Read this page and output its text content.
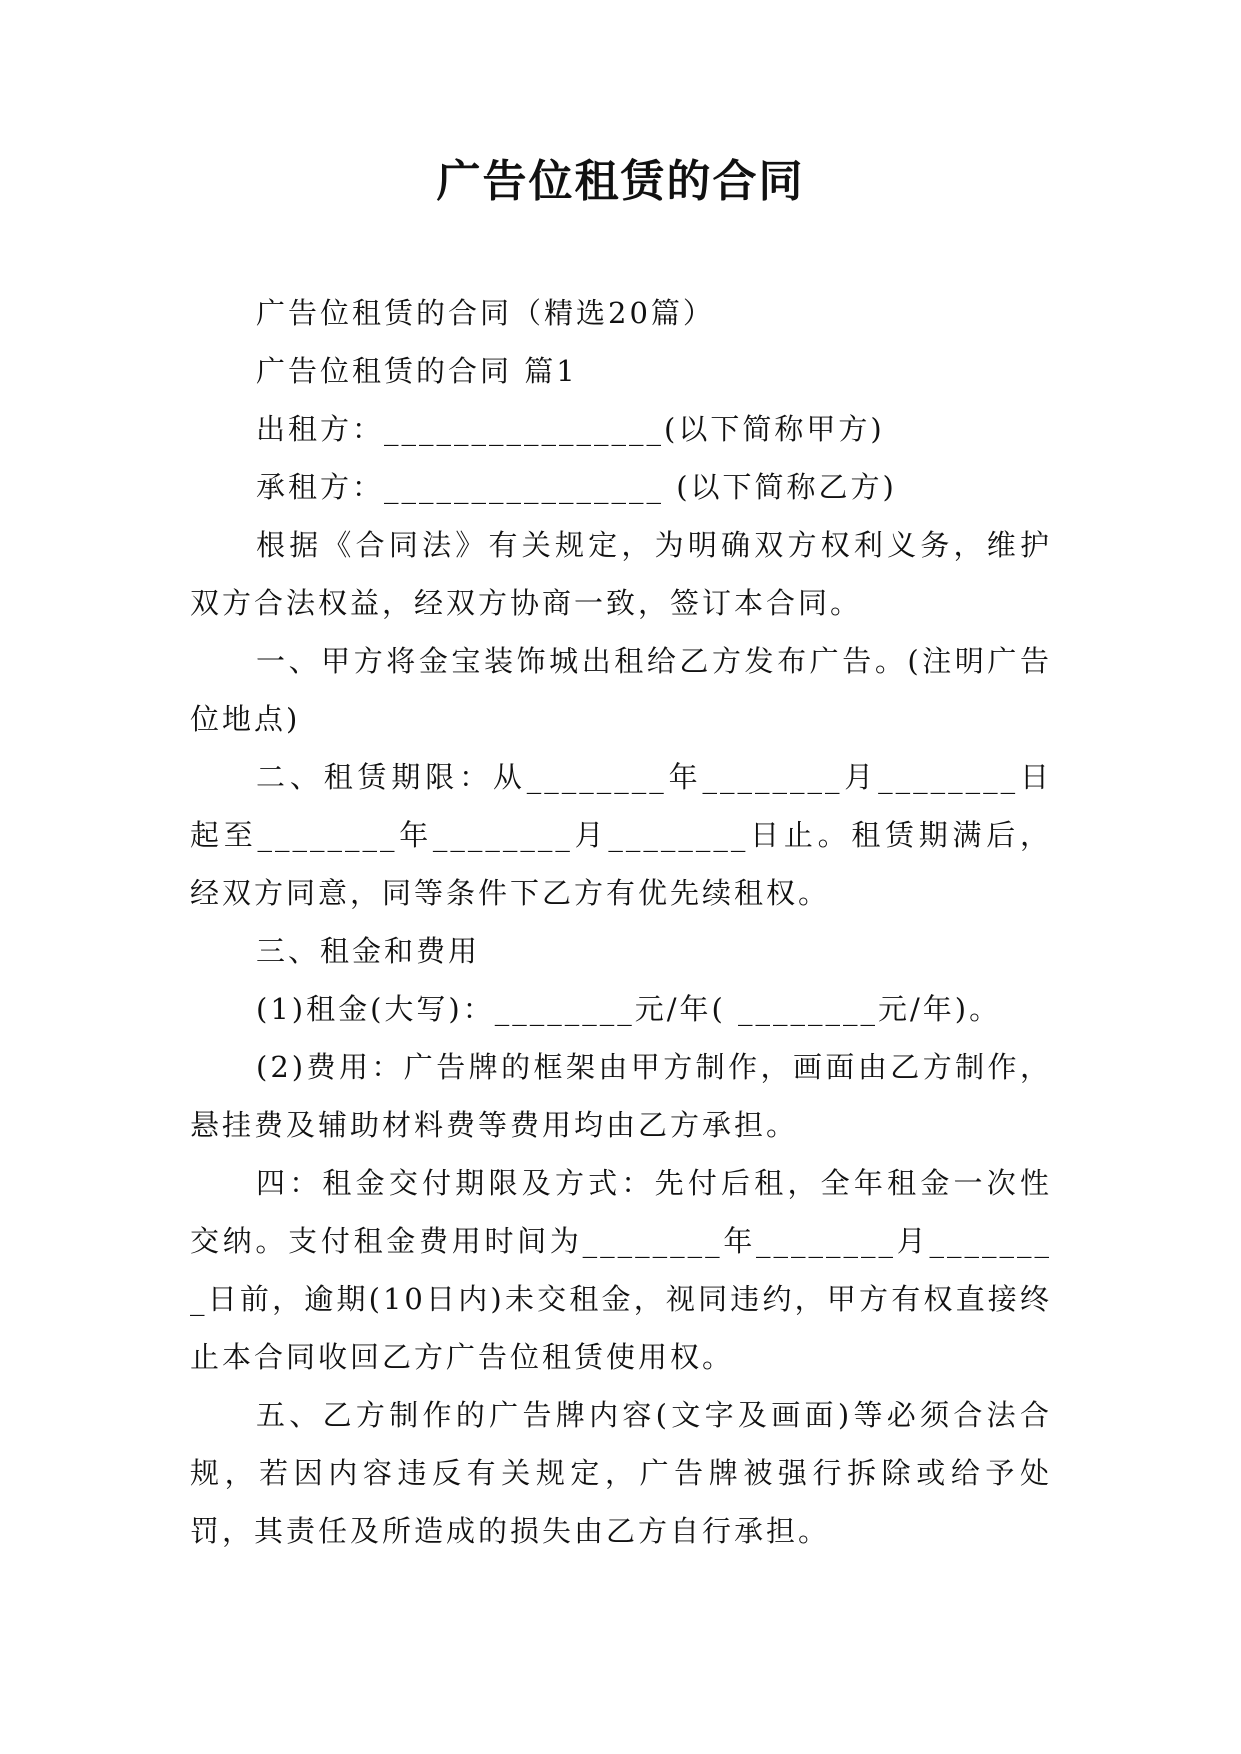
广告位租赁的合同

广告位租赁的合同（精选20篇）

广告位租赁的合同 篇1

出租方：________________(以下简称甲方)

承租方：________________ (以下简称乙方)

根据《合同法》有关规定，为明确双方权利义务，维护双方合法权益，经双方协商一致，签订本合同。

一、甲方将金宝装饰城出租给乙方发布广告。(注明广告位地点)

二、租赁期限：从________年________月________日起至________年________月________日止。租赁期满后，经双方同意，同等条件下乙方有优先续租权。

三、租金和费用

(1)租金(大写)：________元/年( ________元/年)。

(2)费用：广告牌的框架由甲方制作，画面由乙方制作，悬挂费及辅助材料费等费用均由乙方承担。

四：租金交付期限及方式：先付后租，全年租金一次性交纳。支付租金费用时间为________年________月________日前，逾期(10日内)未交租金，视同违约，甲方有权直接终止本合同收回乙方广告位租赁使用权。

五、乙方制作的广告牌内容(文字及画面)等必须合法合规，若因内容违反有关规定，广告牌被强行拆除或给予处罚，其责任及所造成的损失由乙方自行承担。
